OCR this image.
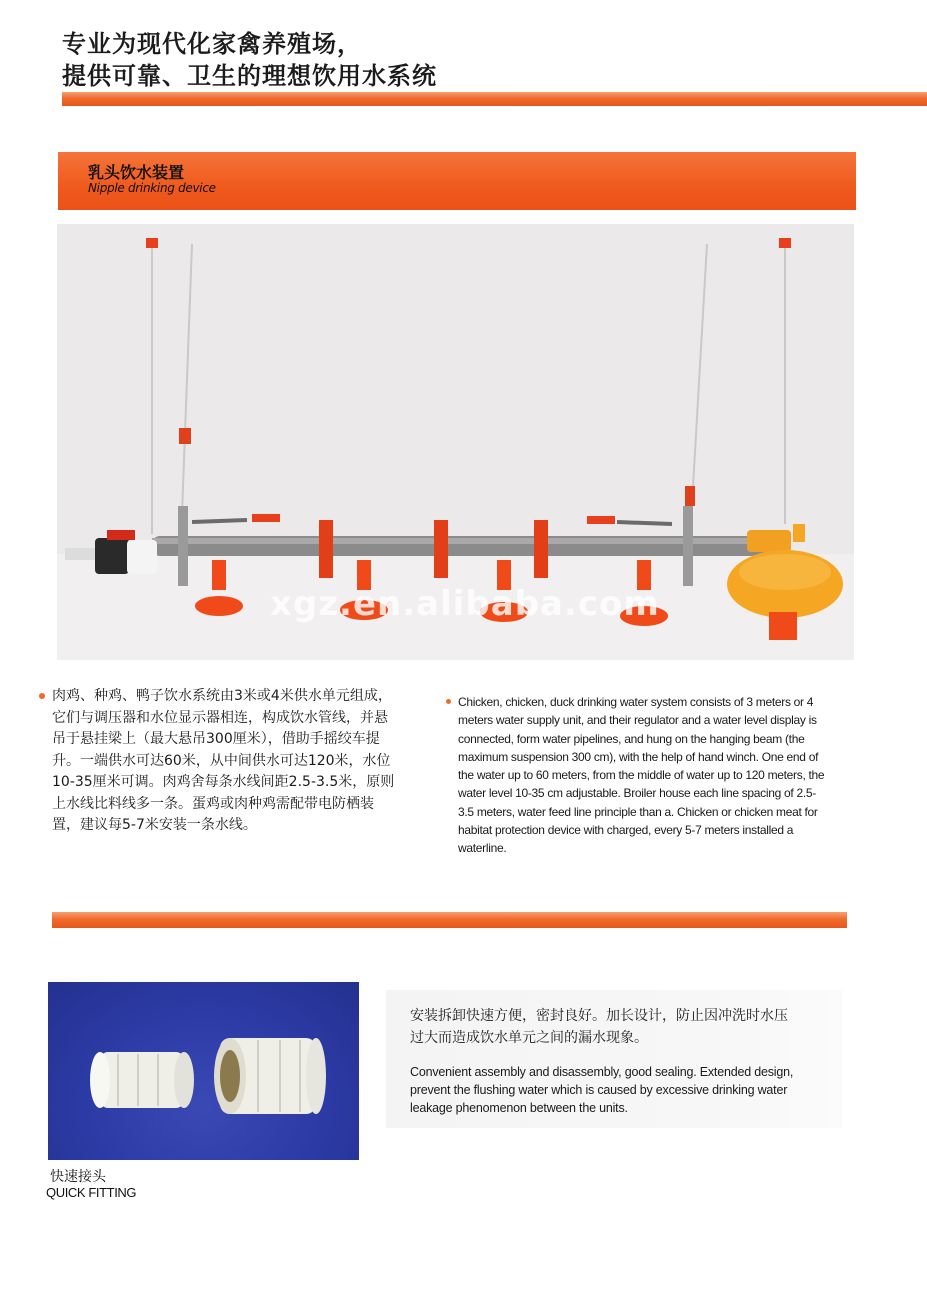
专业为现代化家禽养殖场，
提供可靠、卫生的理想饮用水系统
乳头饮水装置
Nipple drinking device
xgz.en.alibaba.com

肉鸡、种鸡、鸭子饮水系统由3米或4米供水单元组成，

它们与调压器和水位显示器相连，构成饮水管线，并悬

吊于悬挂梁上（最大悬吊300厘米），借助手摇绞车提

升。一端供水可达60米，从中间供水可达120米，水位

10-35厘米可调。肉鸡舍每条水线间距2.5-3.5米，原则

上水线比料线多一条。蛋鸡或肉种鸡需配带电防栖装

置，建议每5-7米安装一条水线。

Chicken, chicken, duck drinking water system consists of 3 meters or 4

meters water supply unit, and their regulator and a water level display is

connected, form water pipelines, and hung on the hanging beam (the

maximum suspension 300 cm), with the help of hand winch. One end of

the water up to 60 meters, from the middle of water up to 120 meters, the

water level 10-35 cm adjustable. Broiler house each line spacing of 2.5-

3.5 meters, water feed line principle than a. Chicken or chicken meat for

habitat protection device with charged, every 5-7 meters installed a

waterline.

快速接头
QUICK FITTING

安装拆卸快速方便，密封良好。加长设计，防止因冲洗时水压

过大而造成饮水单元之间的漏水现象。

Convenient assembly and disassembly, good sealing. Extended design,

prevent the flushing water which is caused by excessive drinking water

leakage phenomenon between the units.
